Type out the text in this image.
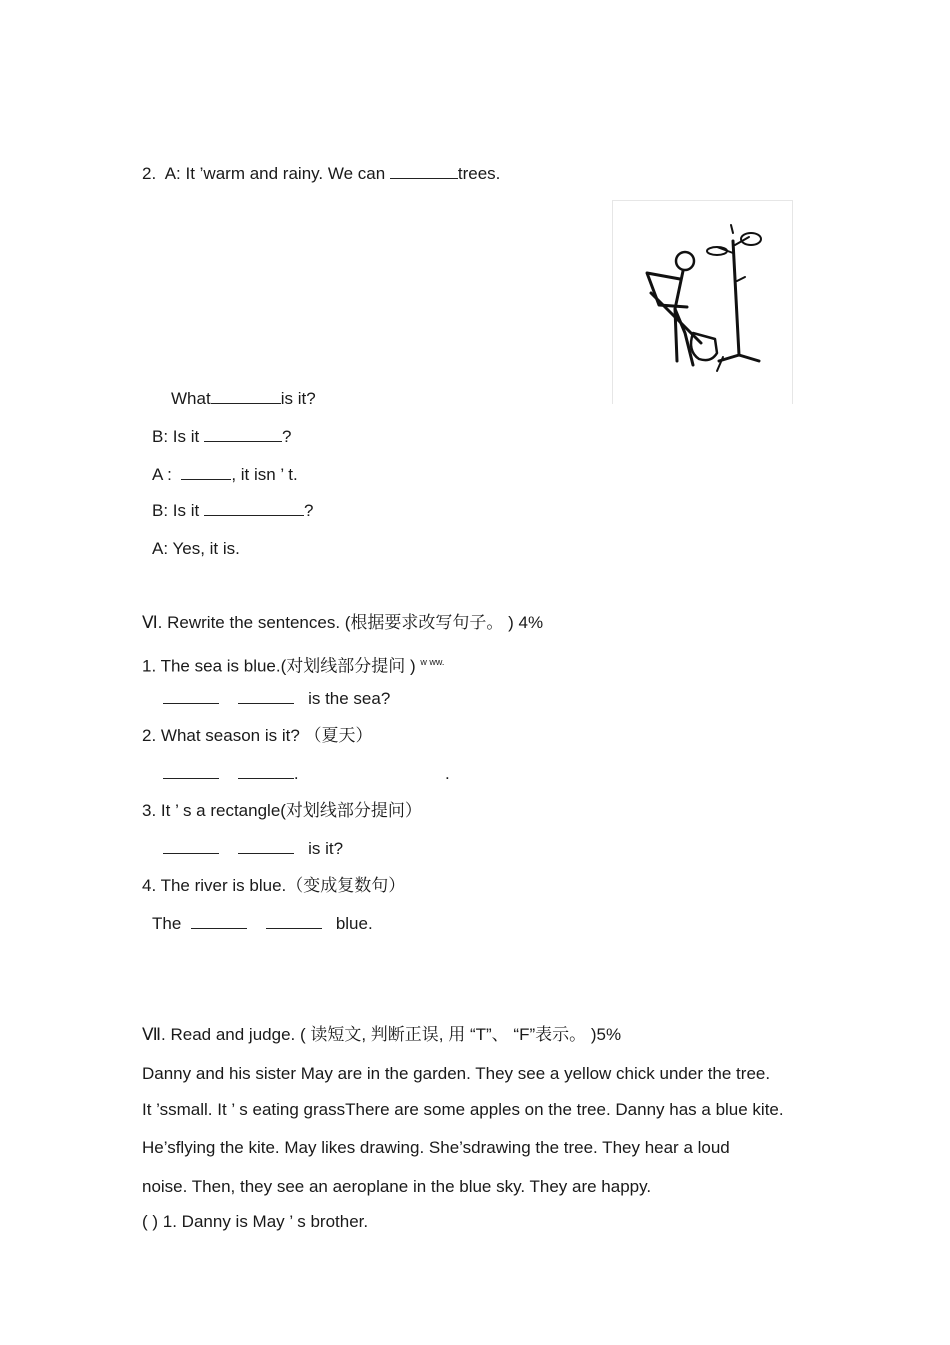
2. A: It ’warm and rainy. We can	trees.
What	is it?
B: Is it	?
A :	, it isn ’ t.
B: Is it	?
A: Yes, it is.
Ⅵ. Rewrite the sentences. (根据要求改写句子。 ) 4%
1. The sea is blue.(对划线部分提问 ) $^{w ww.}$
is the sea?
2. What season is it? （夏天）
.	.
3. It ’ s a rectangle(对划线部分提问）
is it?
4. The river is blue.（变成复数句）
The	blue.
Ⅶ. Read and judge. ( 读短文, 判断正误, 用 “T”、 “F”表示。 )5%
Danny and his sister May are in the garden. They see a yellow chick under the tree.
It ’ssmall. It ’ s eating grassThere are some apples on the tree. Danny has a blue kite.
He’sflying the kite. May likes drawing. She’sdrawing the tree. They hear a loud
noise. Then, they see an aeroplane in the blue sky. They are happy.
( ) 1. Danny is May ’ s brother.
